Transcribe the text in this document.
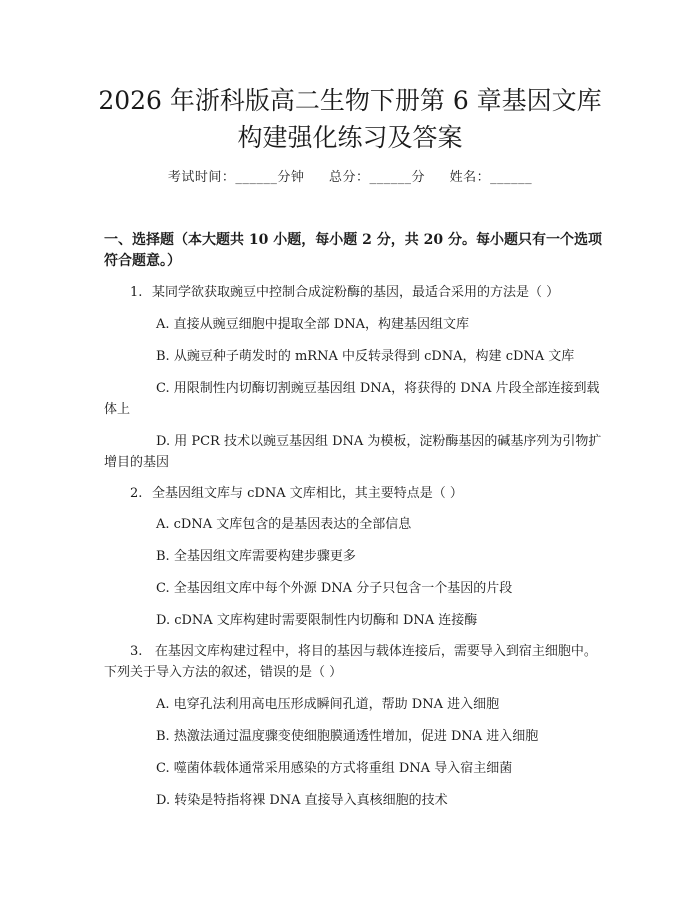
2026 年浙科版高二生物下册第 6 章基因文库
构建强化练习及答案
考试时间：______分钟 总分：______分 姓名：______

一、选择题（本大题共 10 小题，每小题 2 分，共 20 分。每小题只有一个选项符合题意。）

1. 某同学欲获取豌豆中控制合成淀粉酶的基因，最适合采用的方法是（ ）

A. 直接从豌豆细胞中提取全部 DNA，构建基因组文库

B. 从豌豆种子萌发时的 mRNA 中反转录得到 cDNA，构建 cDNA 文库

C. 用限制性内切酶切割豌豆基因组 DNA，将获得的 DNA 片段全部连接到载体上

D. 用 PCR 技术以豌豆基因组 DNA 为模板，淀粉酶基因的碱基序列为引物扩增目的基因

2. 全基因组文库与 cDNA 文库相比，其主要特点是（ ）

A. cDNA 文库包含的是基因表达的全部信息

B. 全基因组文库需要构建步骤更多

C. 全基因组文库中每个外源 DNA 分子只包含一个基因的片段

D. cDNA 文库构建时需要限制性内切酶和 DNA 连接酶

3. 在基因文库构建过程中，将目的基因与载体连接后，需要导入到宿主细胞中。下列关于导入方法的叙述，错误的是（ ）

A. 电穿孔法利用高电压形成瞬间孔道，帮助 DNA 进入细胞

B. 热激法通过温度骤变使细胞膜通透性增加，促进 DNA 进入细胞

C. 噬菌体载体通常采用感染的方式将重组 DNA 导入宿主细菌

D. 转染是特指将裸 DNA 直接导入真核细胞的技术
